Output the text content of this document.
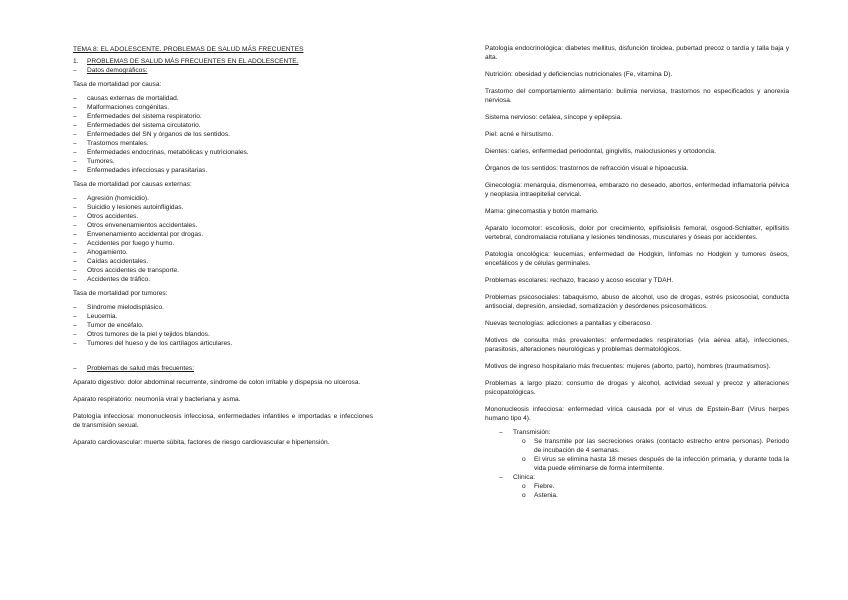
TEMA 8: EL ADOLESCENTE. PROBLEMAS DE SALUD MÁS FRECUENTES
1.	PROBLEMAS DE SALUD MÁS FRECUENTES EN EL ADOLESCENTE.
–	Datos demográficos:
Tasa de mortalidad por causa:
–	causas externas de mortalidad.
–	Malformaciones congénitas.
–	Enfermedades del sistema respiratorio.
–	Enfermedades del sistema circulatorio.
–	Enfermedades del SN y órganos de los sentidos.
–	Trastornos mentales.
–	Enfermedades endocrinas, metabólicas y nutricionales.
–	Tumores.
–	Enfermedades infecciosas y parasitarias.
Tasa de mortalidad por causas externas:
–	Agresión (homicidio).
–	Suicidio y lesiones autoinfligidas.
–	Otros accidentes.
–	Otros envenenamientos accidentales.
–	Envenenamiento accidental por drogas.
–	Accidentes por fuego y humo.
–	Ahogamiento.
–	Caídas accidentales.
–	Otros accidentes de transporte.
–	Accidentes de tráfico.
Tasa de mortalidad por tumores:
–	Síndrome mielodisplásico.
–	Leucemia.
–	Tumor de encéfalo.
–	Otros tumores de la piel y tejidos blandos.
–	Tumores del hueso y de los cartílagos articulares.
–	Problemas de salud más frecuentes:
Aparato digestivo: dolor abdominal recurrente, síndrome de colon irritable y dispepsia no ulcerosa.
Aparato respiratorio: neumonía viral y bacteriana y asma.
Patología infecciosa: mononucleosis infecciosa, enfermedades infantiles e importadas e infecciones de transmisión sexual.
Aparato cardiovascular: muerte súbita, factores de riesgo cardiovascular e hipertensión.
Patología endocrinológica: diabetes mellitus, disfunción tiroidea, pubertad precoz o tardía y talla baja y alta.
Nutrición: obesidad y deficiencias nutricionales (Fe, vitamina D).
Trastorno del comportamiento alimentario: bulimia nerviosa, trastornos no especificados y anorexia nerviosa.
Sistema nervioso: cefalea, síncope y epilepsia.
Piel: acné e hirsutismo.
Dientes: caries, enfermedad periodontal, gingivitis, maloclusiones y ortodoncia.
Órganos de los sentidos: trastornos de refracción visual e hipoacusia.
Ginecología: menarquia, dismenorrea, embarazo no deseado, abortos, enfermedad inflamatoria pélvica y neoplasia intraepitelial cervical.
Mama: ginecomastia y botón mamario.
Aparato locomotor: escoliosis, dolor por crecimiento, epifisiolisis femoral, osgood-Schlatter, epifisitis vertebral, condromalacia rotuliana y lesiones tendinosas, musculares y óseas por accidentes.
Patología oncológica: leucemias, enfermedad de Hodgkin, linfomas no Hodgkin y tumores óseos, encefálicos y de células germinales.
Problemas escolares: rechazo, fracaso y acoso escolar y TDAH.
Problemas psicosociales: tabaquismo, abuso de alcohol, uso de drogas, estrés psicosocial, conducta antisocial, depresión, ansiedad, somatización y desórdenes psicosomáticos.
Nuevas tecnologías: adicciones a pantallas y ciberacoso.
Motivos de consulta más prevalentes: enfermedades respiratorias (vía aérea alta), infecciones, parasitosis, alteraciones neurológicas y problemas dermatológicos.
Motivos de ingreso hospitalario más frecuentes: mujeres (aborto, parto), hombres (traumatismos).
Problemas a largo plazo: consumo de drogas y alcohol, actividad sexual y precoz y alteraciones psicopatológicas.
Mononucleosis infecciosa: enfermedad vírica causada por el virus de Epstein-Barr (Virus herpes humano tipo 4).
–	Transmisión:
o	Se transmite por las secreciones orales (contacto estrecho entre personas). Periodo de incubación de 4 semanas.
o	El virus se elimina hasta 18 meses después de la infección primaria, y durante toda la vida puede eliminarse de forma intermitente.
–	Clínica:
o	Fiebre.
o	Astenia.
